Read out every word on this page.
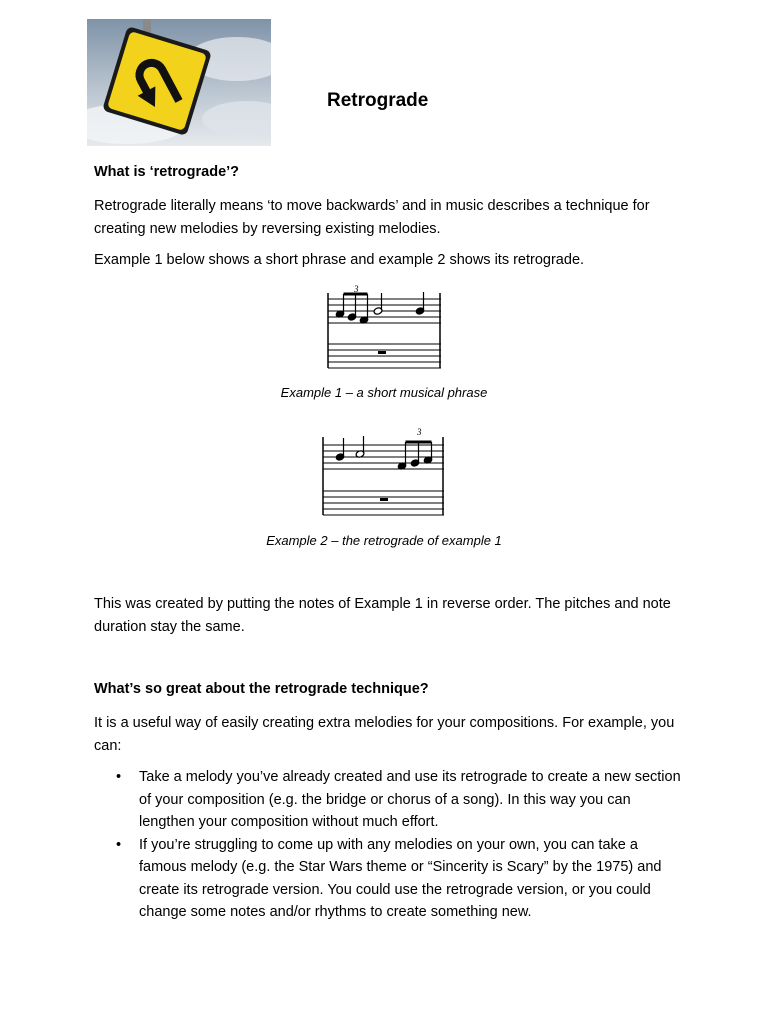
Retrograde
What is ‘retrograde’?
Retrograde literally means ‘to move backwards’ and in music describes a technique for creating new melodies by reversing existing melodies.
Example 1 below shows a short phrase and example 2 shows its retrograde.
3
Example 1 – a short musical phrase
3
Example 2 – the retrograde of example 1
This was created by putting the notes of Example 1 in reverse order. The pitches and note duration stay the same.
What’s so great about the retrograde technique?
It is a useful way of easily creating extra melodies for your compositions. For example, you can:
• Take a melody you’ve already created and use its retrograde to create a new section of your composition (e.g. the bridge or chorus of a song). In this way you can lengthen your composition without much effort.
• If you’re struggling to come up with any melodies on your own, you can take a famous melody (e.g. the Star Wars theme or “Sincerity is Scary” by the 1975) and create its retrograde version. You could use the retrograde version, or you could change some notes and/or rhythms to create something new.
